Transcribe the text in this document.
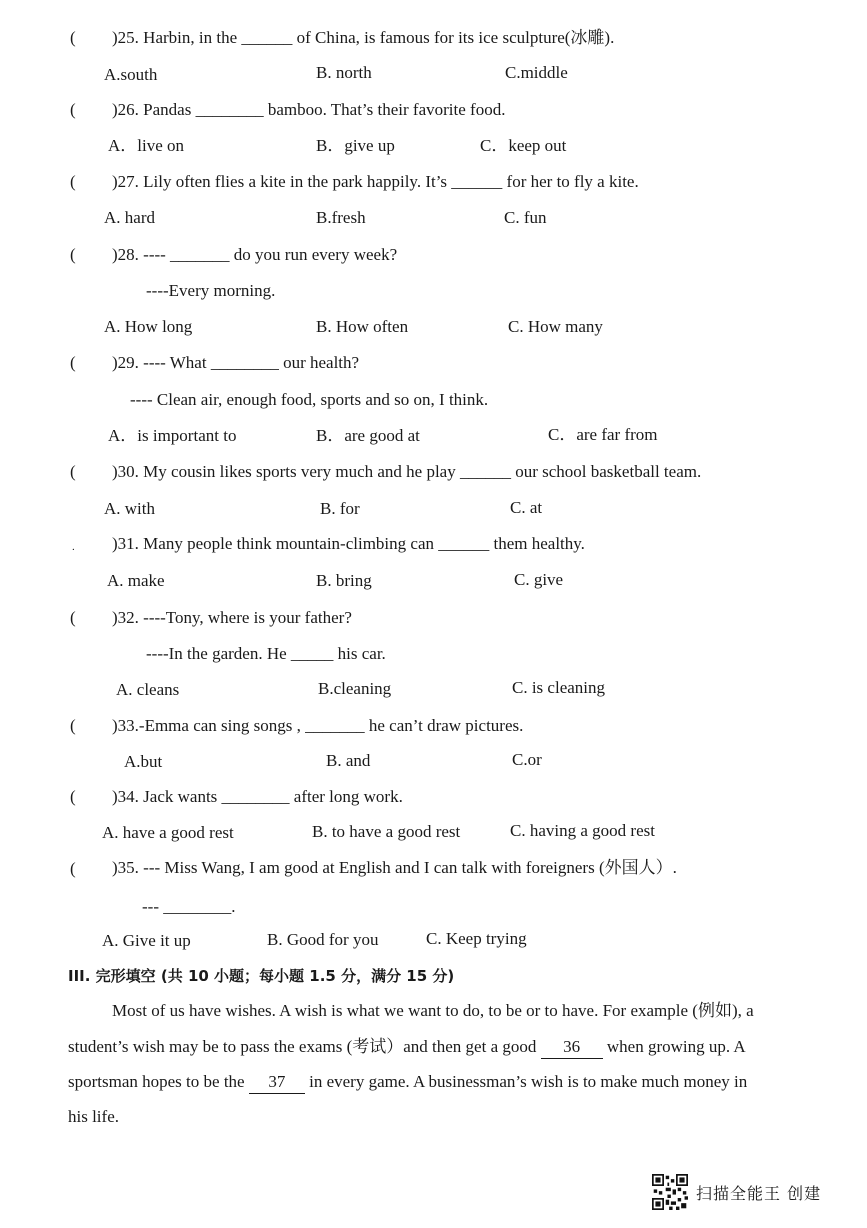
( )25. Harbin, in the ______ of China, is famous for its ice sculpture(冰雕).
A.south	B. north	C.middle
( )26. Pandas ________ bamboo. That’s their favorite food.
A．live on	B．give up	C．keep out
( )27. Lily often flies a kite in the park happily. It’s ______ for her to fly a kite.
A. hard	B.fresh	C. fun
( )28. ---- _______ do you run every week?
----Every morning.
A. How long	B. How often	C. How many
( )29. ---- What ________ our health?
---- Clean air, enough food, sports and so on, I think.
A．is important to	B．are good at	C．are far from
( )30. My cousin likes sports very much and he play ______ our school basketball team.
A. with	B. for	C. at
. )31. Many people think mountain-climbing can ______ them healthy.
A. make	B. bring	C. give
( )32. ----Tony, where is your father?
----In the garden. He _____ his car.
A. cleans	B.cleaning	C. is cleaning
( )33.-Emma can sing songs , _______ he can’t draw pictures.
A.but	B. and	C.or
( )34. Jack wants ________ after long work.
A. have a good rest	B. to have a good rest	C. having a good rest
( )35. --- Miss Wang, I am good at English and I can talk with foreigners (外国人）.
--- ________.
A. Give it up	B. Good for you	C. Keep trying
III. 完形填空 (共 10 小题；每小题 1.5 分，满分 15 分)
Most of us have wishes. A wish is what we want to do, to be or to have. For example (例如), a
student’s wish may be to pass the exams (考试）and then get a good 36 when growing up. A
sportsman hopes to be the 37 in every game. A businessman’s wish is to make much money in
his life.
扫描全能王 创建
